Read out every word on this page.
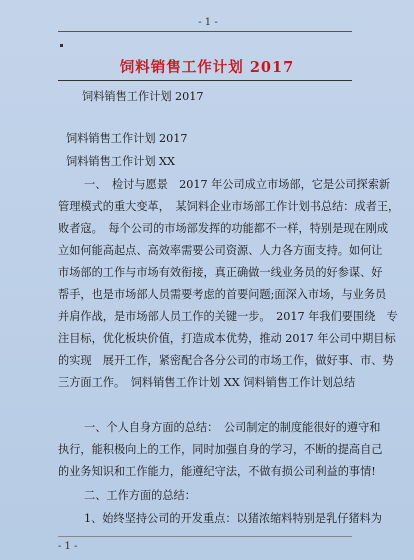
- 1 -
饲料销售工作计划 2017
饲料销售工作计划 2017
饲料销售工作计划 2017
饲料销售工作计划 XX
一、　检讨与愿景　2017 年公司成立市场部，它是公司探索新
管理模式的重大变革，　某饲料企业市场部工作计划书总结：成者王，
败者寇。　每个公司的市场部发挥的功能都不一样，特别是现在刚成
立如何能高起点、高效率需要公司资源、人力各方面支持。如何让
市场部的工作与市场有效衔接，真正确做一线业务员的好参谋、好
帮手，也是市场部人员需要考虑的首要问题;面深入市场，与业务员
并肩作战，是市场部人员工作的关键一步。　2017 年我们要围绕　专
注目标，优化板块价值，打造成本优势，推动 2017 年公司中期目标
的实现　展开工作，紧密配合各分公司的市场工作，做好事、市、势
三方面工作。　饲料销售工作计划 XX 饲料销售工作计划总结
一、个人自身方面的总结：　公司制定的制度能很好的遵守和
执行，能积极向上的工作，同时加强自身的学习，不断的提高自己
的业务知识和工作能力，能遵纪守法，不做有损公司利益的事情!
二、工作方面的总结：
1、始终坚持公司的开发重点：以猪浓缩料特别是乳仔猪料为
- 1 -
